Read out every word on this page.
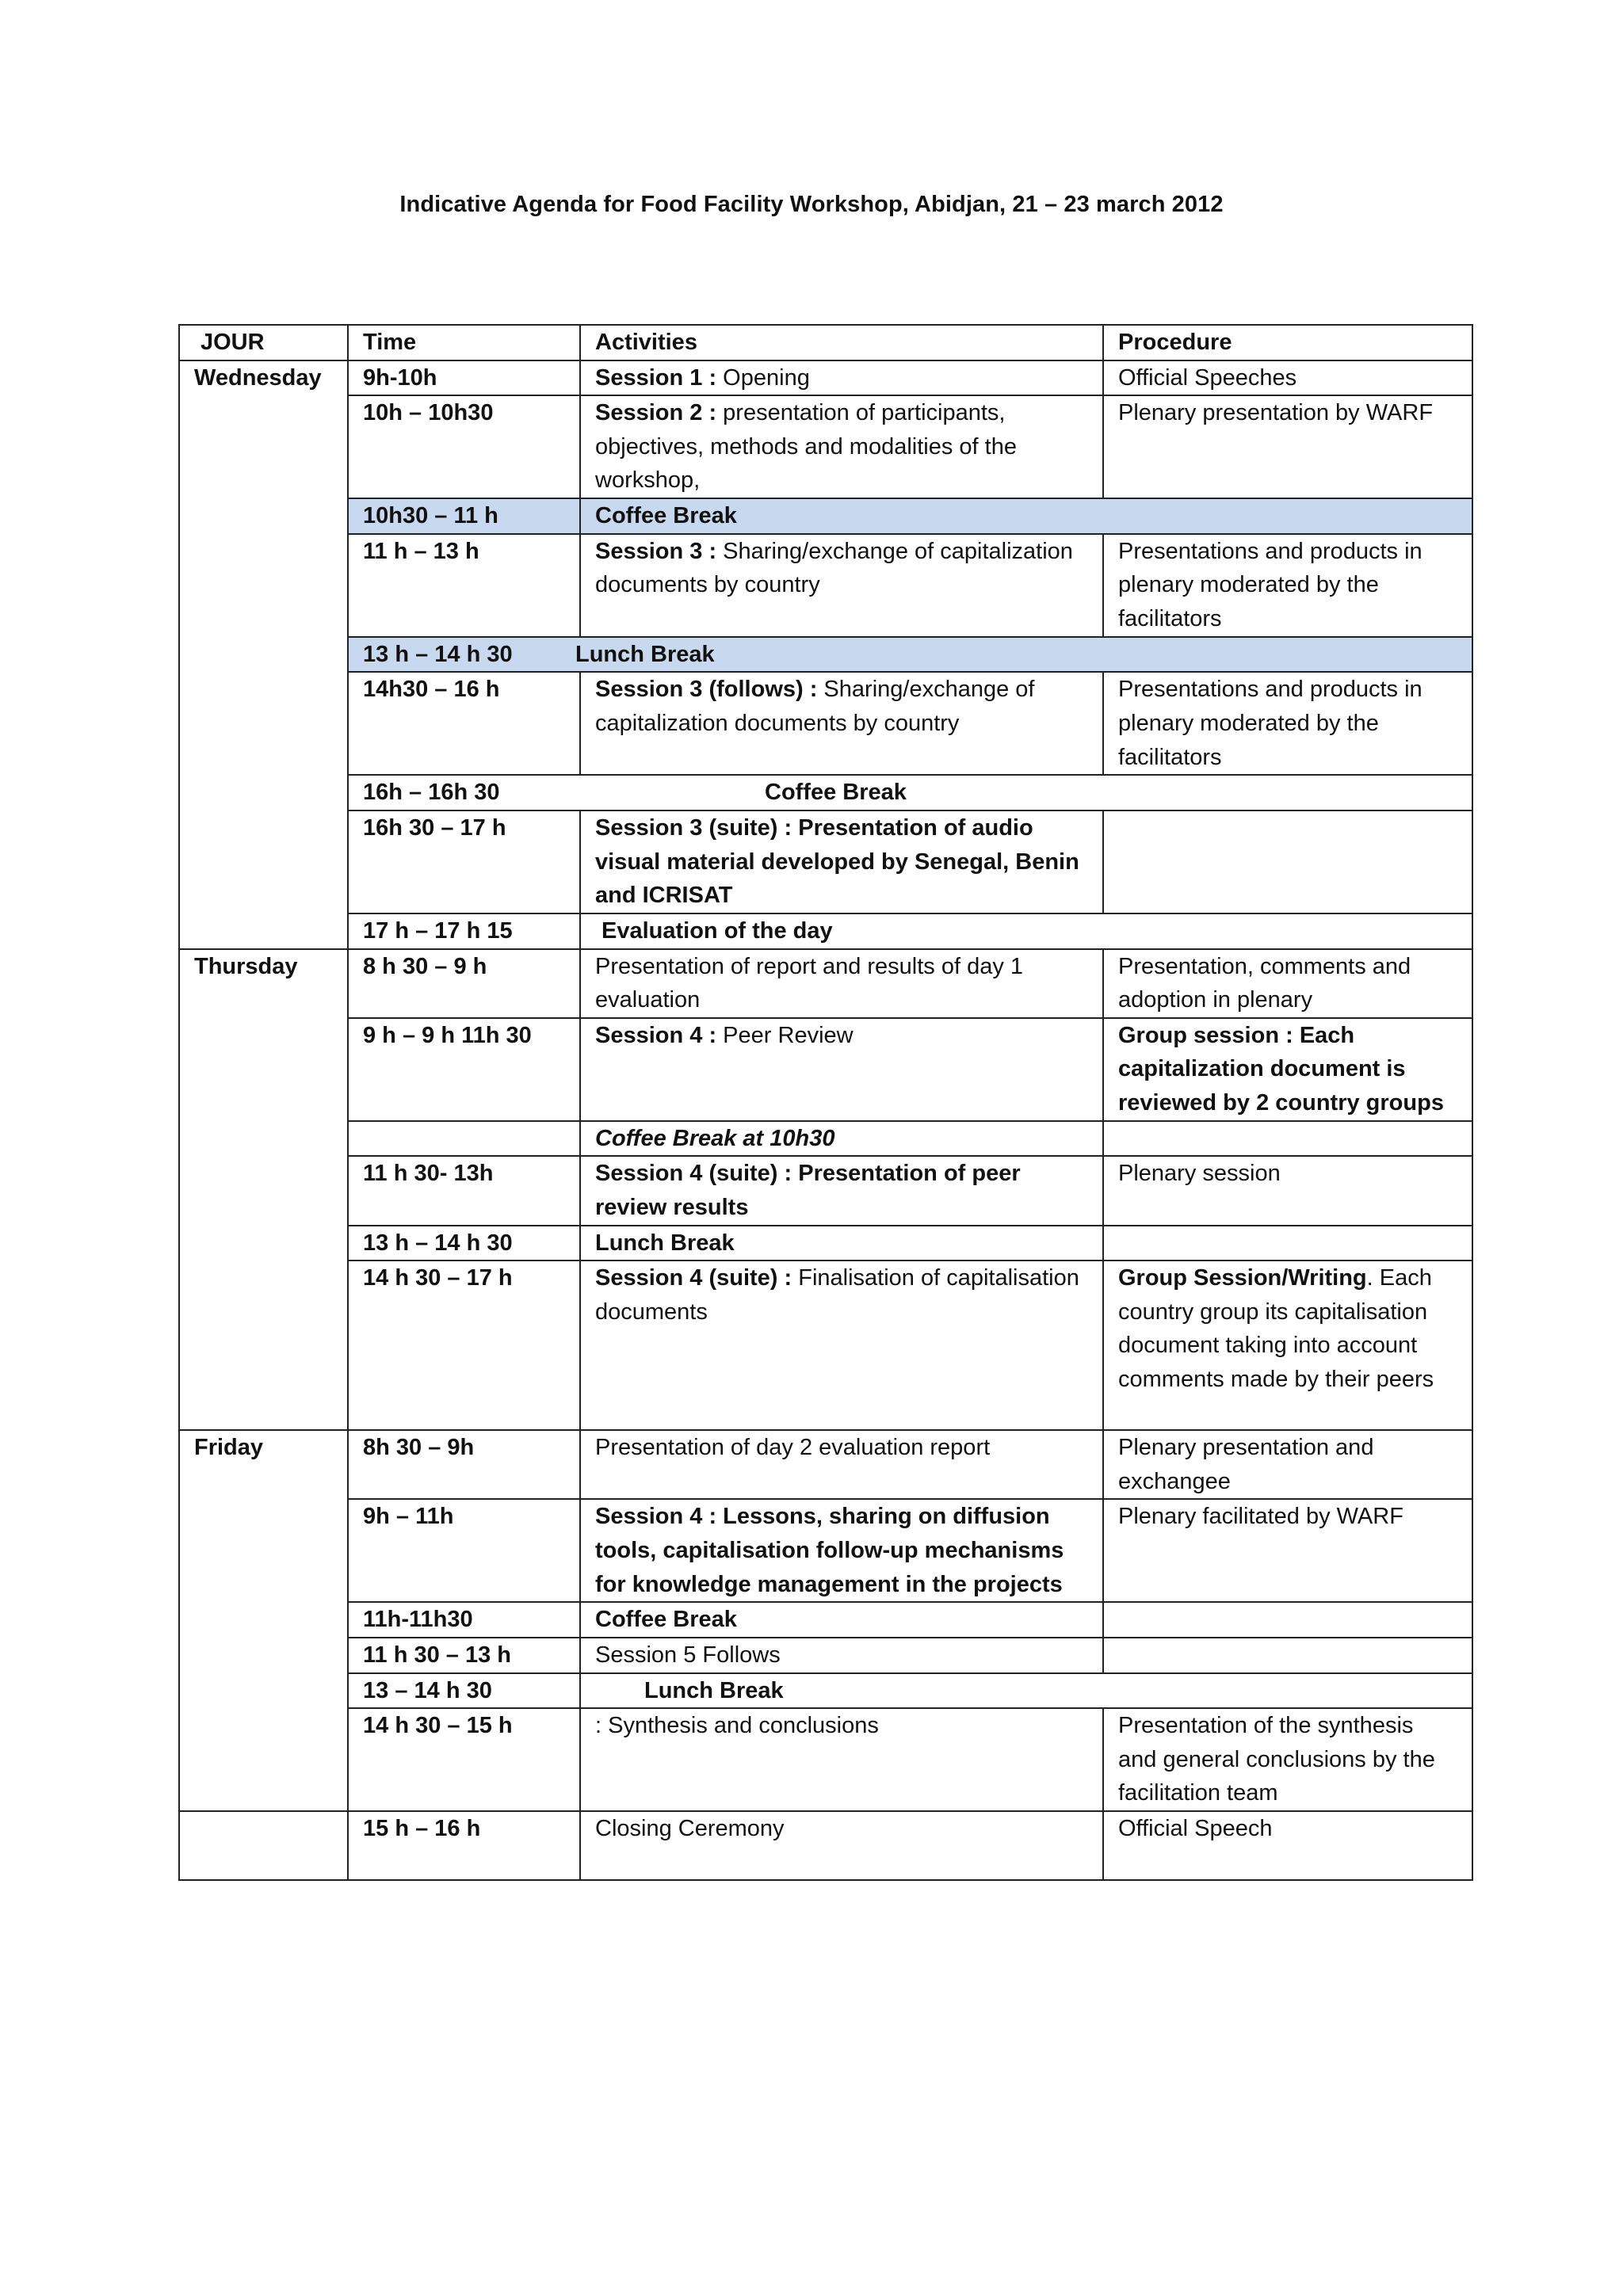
Indicative Agenda for Food Facility Workshop, Abidjan, 21 – 23 march 2012
JOUR	Time	Activities	Procedure
Wednesday	9h-10h	Session 1 : Opening	Official Speeches
	10h – 10h30	Session 2 : presentation of participants, objectives, methods and modalities of the workshop,	Plenary presentation by WARF
	10h30 – 11 h	Coffee Break	
	11 h – 13 h	Session 3 : Sharing/exchange of capitalization documents by country	Presentations and products in plenary moderated by the facilitators
	13 h – 14 h 30 Lunch Break		
	14h30 – 16 h	Session 3 (follows) : Sharing/exchange of capitalization documents by country	Presentations and products in plenary moderated by the facilitators
	16h – 16h 30 Coffee Break		
	16h 30 – 17 h	Session 3 (suite) : Presentation of audio visual material developed by Senegal, Benin and ICRISAT	
	17 h – 17 h 15	Evaluation of the day	
Thursday	8 h 30 – 9 h	Presentation of report and results of day 1 evaluation	Presentation, comments and adoption in plenary
	9 h – 9 h 11h 30	Session 4 : Peer Review	Group session : Each capitalization document is reviewed by 2 country groups
		Coffee Break at 10h30	
	11 h 30- 13h	Session 4 (suite) : Presentation of peer review results	Plenary session
	13 h – 14 h 30	Lunch Break	
	14 h 30 – 17 h	Session 4 (suite) : Finalisation of capitalisation documents	Group Session/Writing. Each country group its capitalisation document taking into account comments made by their peers
Friday	8h 30 – 9h	Presentation of day 2 evaluation report	Plenary presentation and exchangee
	9h – 11h	Session 4 : Lessons, sharing on diffusion tools, capitalisation follow-up mechanisms for knowledge management in the projects	Plenary facilitated by WARF
	11h-11h30	Coffee Break	
	11 h 30 – 13 h	Session 5 Follows	
	13 – 14 h 30	Lunch Break	
	14 h 30 – 15 h	: Synthesis and conclusions	Presentation of the synthesis and general conclusions by the facilitation team
	15 h – 16 h	Closing Ceremony	Official Speech
